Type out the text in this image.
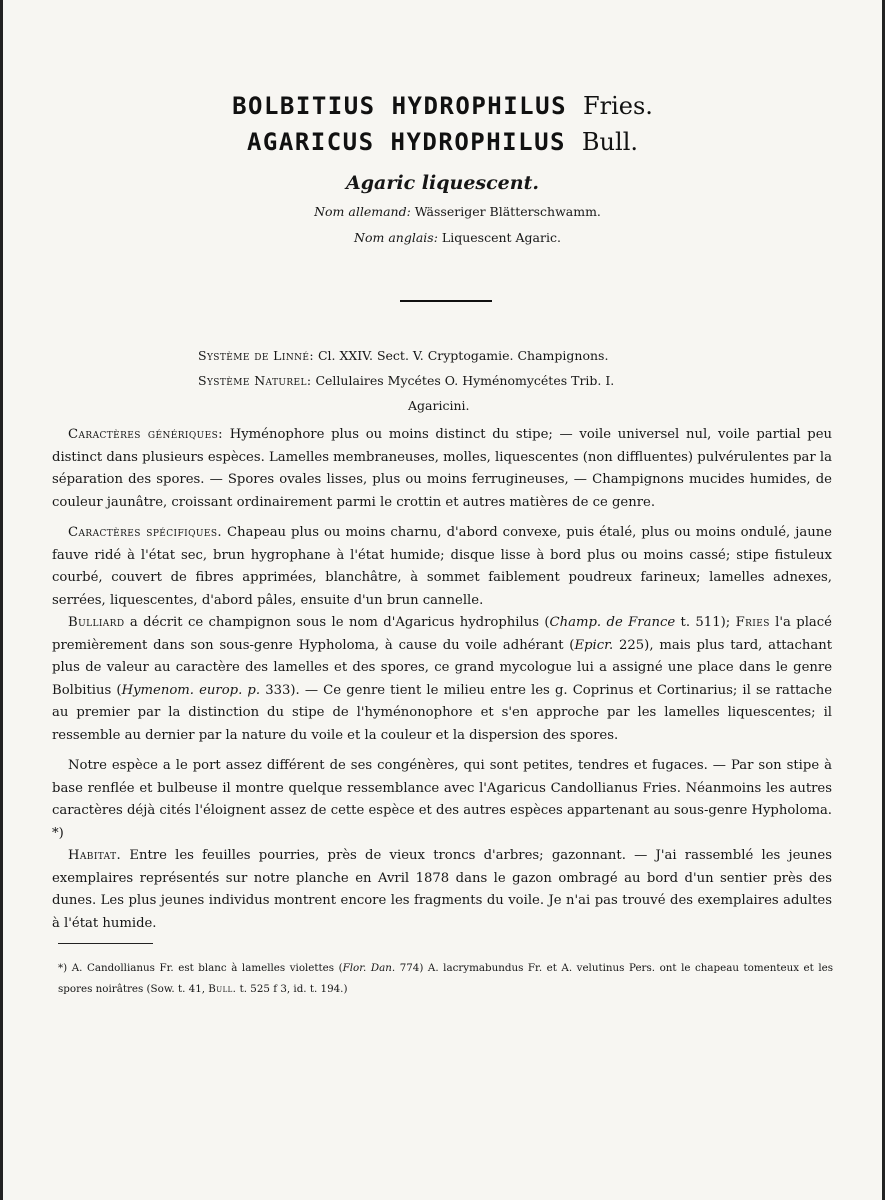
BOLBITIUS HYDROPHILUS Fries.
AGARICUS HYDROPHILUS Bull.
Agaric liquescent.
Nom allemand: Wässeriger Blätterschwamm.
Nom anglais: Liquescent Agaric.
Système de Linné: Cl. XXIV. Sect. V. Cryptogamie. Champignons.
Système Naturel: Cellulaires Mycétes O. Hyménomycétes Trib. I.
Agaricini.

Caractères génériques: Hyménophore plus ou moins distinct du stipe; — voile universel nul, voile partial peu distinct dans plusieurs espèces. Lamelles membraneuses, molles, liquescentes (non diffluentes) pulvérulentes par la séparation des spores. — Spores ovales lisses, plus ou moins ferrugineuses, — Champignons mucides humides, de couleur jaunâtre, croissant ordinairement parmi le crottin et autres matières de ce genre.

Caractères spécifiques. Chapeau plus ou moins charnu, d'abord convexe, puis étalé, plus ou moins ondulé, jaune fauve ridé à l'état sec, brun hygrophane à l'état humide; disque lisse à bord plus ou moins cassé; stipe fistuleux courbé, couvert de fibres apprimées, blanchâtre, à sommet faiblement poudreux farineux; lamelles adnexes, serrées, liquescentes, d'abord pâles, ensuite d'un brun cannelle.

Bulliard a décrit ce champignon sous le nom d'Agaricus hydrophilus (Champ. de France t. 511); Fries l'a placé premièrement dans son sous-genre Hypholoma, à cause du voile adhérant (Epicr. 225), mais plus tard, attachant plus de valeur au caractère des lamelles et des spores, ce grand mycologue lui a assigné une place dans le genre Bolbitius (Hymenom. europ. p. 333). — Ce genre tient le milieu entre les g. Coprinus et Cortinarius; il se rattache au premier par la distinction du stipe de l'hyménonophore et s'en approche par les lamelles liquescentes; il ressemble au dernier par la nature du voile et la couleur et la dispersion des spores.

Notre espèce a le port assez différent de ses congénères, qui sont petites, tendres et fugaces. — Par son stipe à base renflée et bulbeuse il montre quelque ressemblance avec l'Agaricus Candollianus Fries. Néanmoins les autres caractères déjà cités l'éloignent assez de cette espèce et des autres espèces appartenant au sous-genre Hypholoma. *)

Habitat. Entre les feuilles pourries, près de vieux troncs d'arbres; gazonnant. — J'ai rassemblé les jeunes exemplaires représentés sur notre planche en Avril 1878 dans le gazon ombragé au bord d'un sentier près des dunes. Les plus jeunes individus montrent encore les fragments du voile. Je n'ai pas trouvé des exemplaires adultes à l'état humide.

*) A. Candollianus Fr. est blanc à lamelles violettes (Flor. Dan. 774) A. lacrymabundus Fr. et A. velutinus Pers. ont le chapeau tomenteux et les spores noirâtres (Sow. t. 41, Bull. t. 525 f 3, id. t. 194.)
